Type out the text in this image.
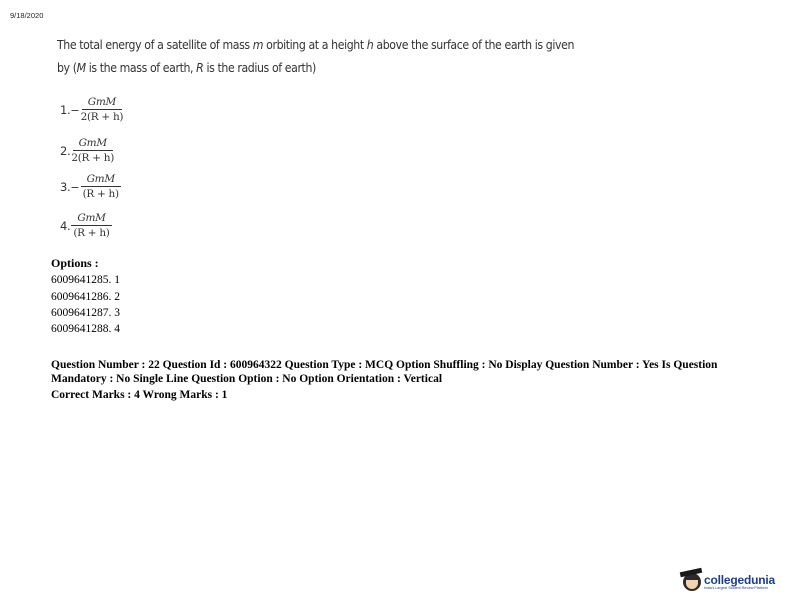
9/18/2020
The total energy of a satellite of mass m orbiting at a height h above the surface of the earth is given
by (M is the mass of earth, R is the radius of earth)
1. − $\frac{\text{GmM}}{2(R + h)}$
2. $\frac{\text{GmM}}{2(R + h)}$
3. − $\frac{\text{GmM}}{(R + h)}$
4. $\frac{\text{GmM}}{(R + h)}$
Options :
6009641285. 1
6009641286. 2
6009641287. 3
6009641288. 4
Question Number : 22 Question Id : 600964322 Question Type : MCQ Option Shuffling : No Display Question Number : Yes Is Question Mandatory : No Single Line Question Option : No Option Orientation : Vertical
Correct Marks : 4 Wrong Marks : 1
collegedunia
India's Largest Student Review Platform
